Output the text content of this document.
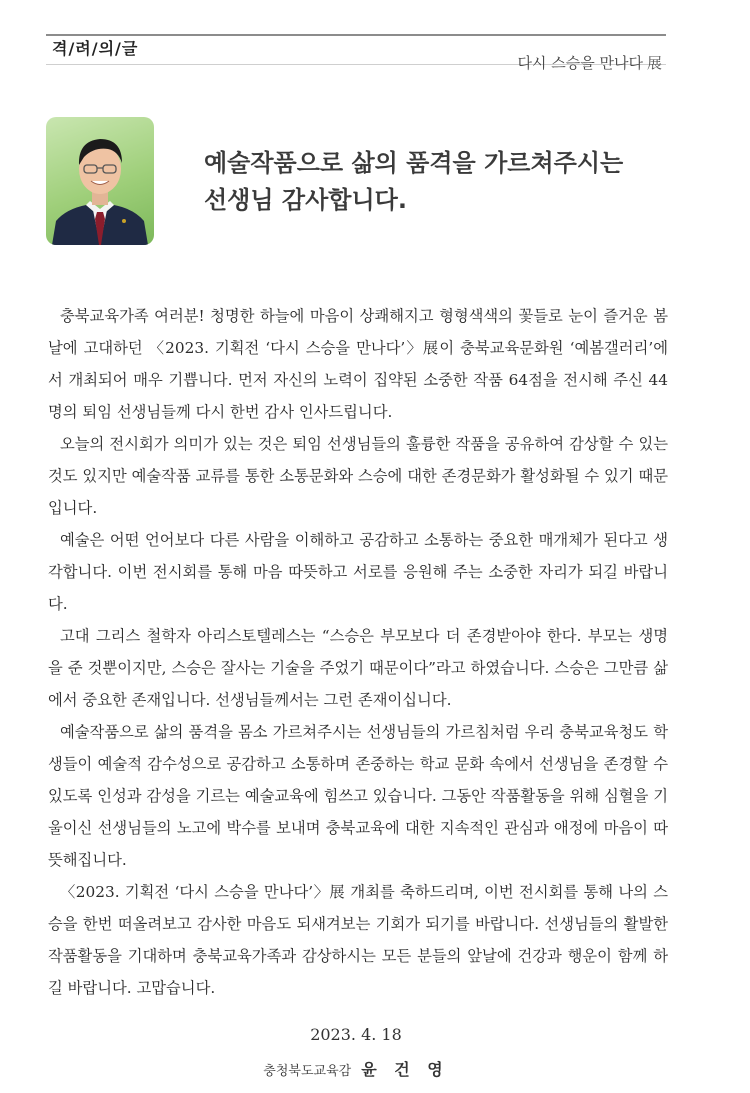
격/려/의/글
다시 스승을 만나다 展
예술작품으로 삶의 품격을 가르쳐주시는
선생님 감사합니다.

충북교육가족 여러분! 청명한 하늘에 마음이 상쾌해지고 형형색색의 꽃들로 눈이 즐거운 봄날에 고대하던 〈2023. 기획전 ‘다시 스승을 만나다’〉展이 충북교육문화원 ‘예봄갤러리’에서 개최되어 매우 기쁩니다. 먼저 자신의 노력이 집약된 소중한 작품 64점을 전시해 주신 44명의 퇴임 선생님들께 다시 한번 감사 인사드립니다.

오늘의 전시회가 의미가 있는 것은 퇴임 선생님들의 훌륭한 작품을 공유하여 감상할 수 있는 것도 있지만 예술작품 교류를 통한 소통문화와 스승에 대한 존경문화가 활성화될 수 있기 때문입니다.

예술은 어떤 언어보다 다른 사람을 이해하고 공감하고 소통하는 중요한 매개체가 된다고 생각합니다. 이번 전시회를 통해 마음 따뜻하고 서로를 응원해 주는 소중한 자리가 되길 바랍니다.

고대 그리스 철학자 아리스토텔레스는 “스승은 부모보다 더 존경받아야 한다. 부모는 생명을 준 것뿐이지만, 스승은 잘사는 기술을 주었기 때문이다”라고 하였습니다. 스승은 그만큼 삶에서 중요한 존재입니다. 선생님들께서는 그런 존재이십니다.

예술작품으로 삶의 품격을 몸소 가르쳐주시는 선생님들의 가르침처럼 우리 충북교육청도 학생들이 예술적 감수성으로 공감하고 소통하며 존중하는 학교 문화 속에서 선생님을 존경할 수 있도록 인성과 감성을 기르는 예술교육에 힘쓰고 있습니다. 그동안 작품활동을 위해 심혈을 기울이신 선생님들의 노고에 박수를 보내며 충북교육에 대한 지속적인 관심과 애정에 마음이 따뜻해집니다.

〈2023. 기획전 ‘다시 스승을 만나다’〉展 개최를 축하드리며, 이번 전시회를 통해 나의 스승을 한번 떠올려보고 감사한 마음도 되새겨보는 기회가 되기를 바랍니다. 선생님들의 활발한 작품활동을 기대하며 충북교육가족과 감상하시는 모든 분들의 앞날에 건강과 행운이 함께 하길 바랍니다. 고맙습니다.

2023. 4. 18
충청북도교육감 윤 건 영
